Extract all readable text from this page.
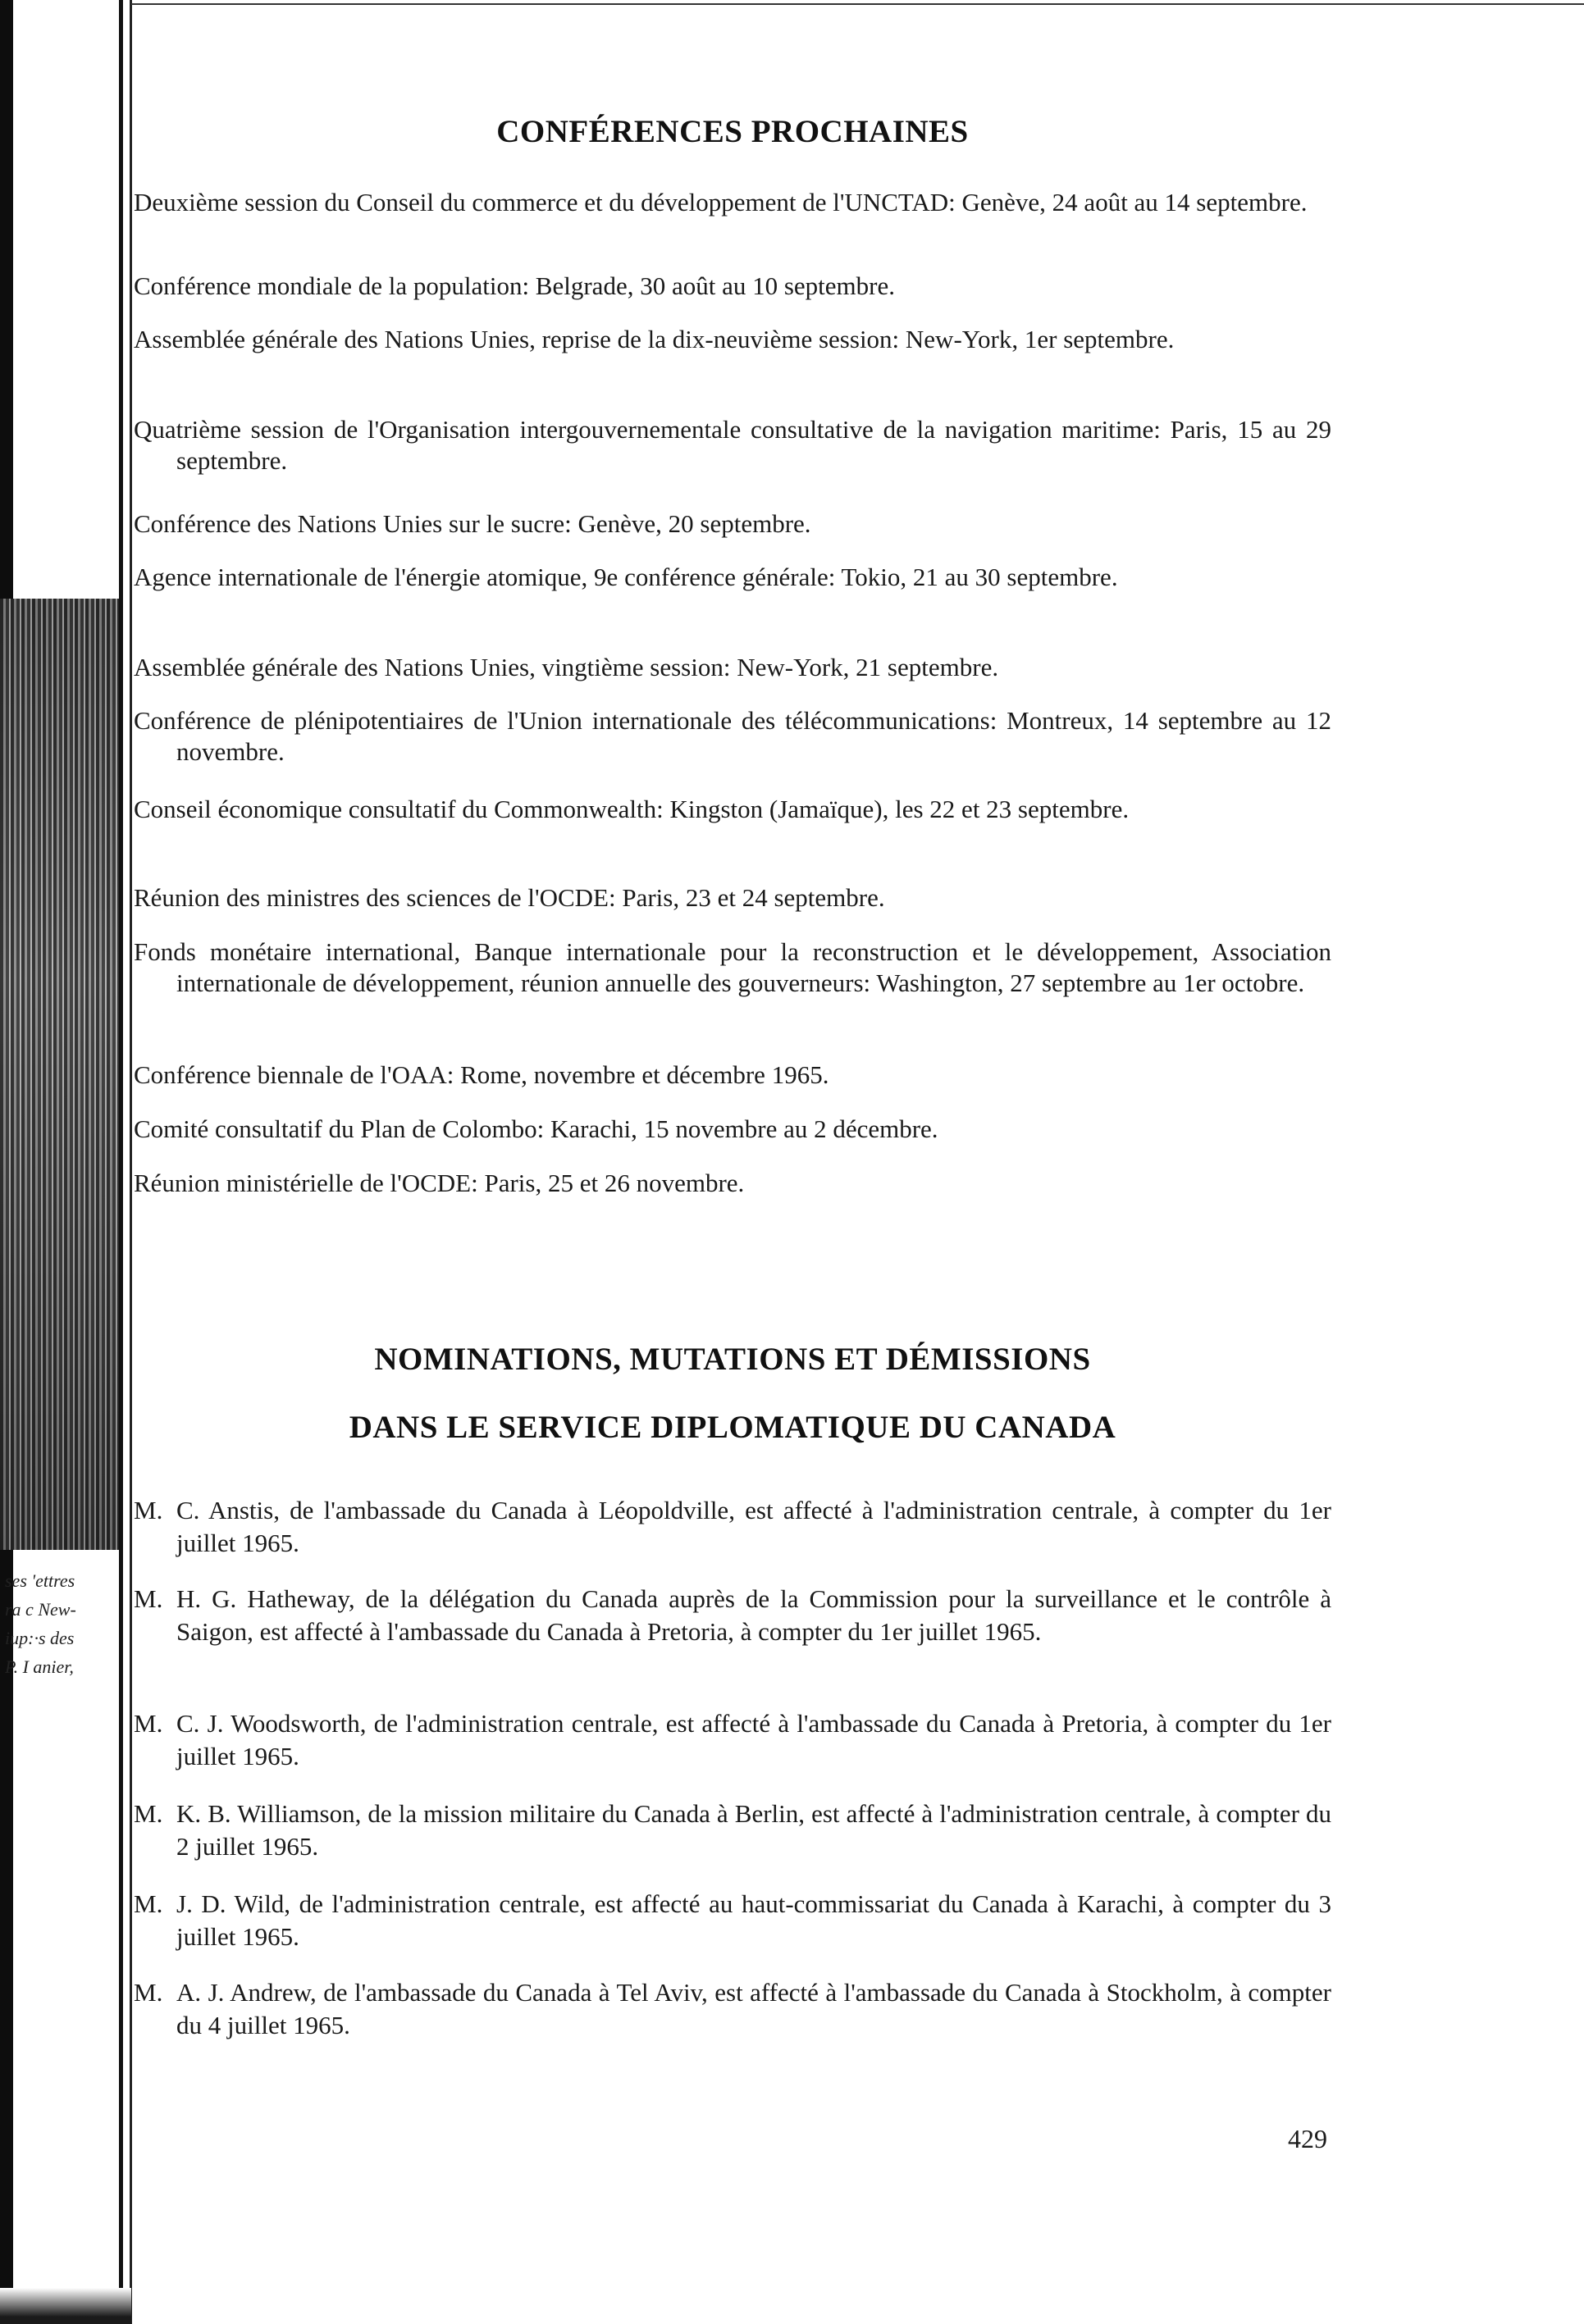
ses 'ettres
ra c New-
iup:·s des
P. I anier,
CONFÉRENCES PROCHAINES
Deuxième session du Conseil du commerce et du développement de l'UNCTAD: Genève, 24 août au 14 septembre.
Conférence mondiale de la population: Belgrade, 30 août au 10 septembre.
Assemblée générale des Nations Unies, reprise de la dix-neuvième session: New-York, 1er septembre.
Quatrième session de l'Organisation intergouvernementale consultative de la navigation maritime: Paris, 15 au 29 septembre.
Conférence des Nations Unies sur le sucre: Genève, 20 septembre.
Agence internationale de l'énergie atomique, 9e conférence générale: Tokio, 21 au 30 septembre.
Assemblée générale des Nations Unies, vingtième session: New-York, 21 septembre.
Conférence de plénipotentiaires de l'Union internationale des télécommunications: Montreux, 14 septembre au 12 novembre.
Conseil économique consultatif du Commonwealth: Kingston (Jamaïque), les 22 et 23 septembre.
Réunion des ministres des sciences de l'OCDE: Paris, 23 et 24 septembre.
Fonds monétaire international, Banque internationale pour la reconstruction et le développement, Association internationale de développement, réunion annuelle des gouverneurs: Washington, 27 septembre au 1er octobre.
Conférence biennale de l'OAA: Rome, novembre et décembre 1965.
Comité consultatif du Plan de Colombo: Karachi, 15 novembre au 2 décembre.
Réunion ministérielle de l'OCDE: Paris, 25 et 26 novembre.
NOMINATIONS, MUTATIONS ET DÉMISSIONS
DANS LE SERVICE DIPLOMATIQUE DU CANADA
M. C. Anstis, de l'ambassade du Canada à Léopoldville, est affecté à l'administration centrale, à compter du 1er juillet 1965.
M. H. G. Hatheway, de la délégation du Canada auprès de la Commission pour la surveillance et le contrôle à Saigon, est affecté à l'ambassade du Canada à Pretoria, à compter du 1er juillet 1965.
M. C. J. Woodsworth, de l'administration centrale, est affecté à l'ambassade du Canada à Pretoria, à compter du 1er juillet 1965.
M. K. B. Williamson, de la mission militaire du Canada à Berlin, est affecté à l'administration centrale, à compter du 2 juillet 1965.
M. J. D. Wild, de l'administration centrale, est affecté au haut-commissariat du Canada à Karachi, à compter du 3 juillet 1965.
M. A. J. Andrew, de l'ambassade du Canada à Tel Aviv, est affecté à l'ambassade du Canada à Stockholm, à compter du 4 juillet 1965.
429
